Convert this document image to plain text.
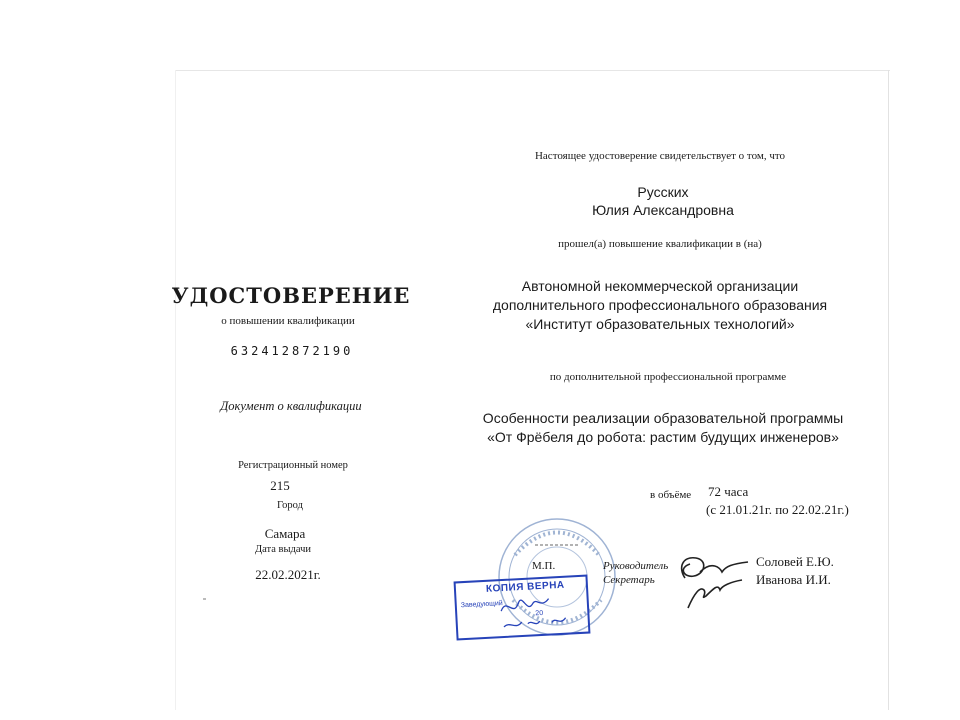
УДОСТОВЕРЕНИЕ
о повышении квалификации
632412872190
Документ о квалификации
Регистрационный номер
215
Город
Самара
Дата выдачи
22.02.2021г.
Настоящее удостоверение свидетельствует о том, что
Русских
Юлия Александровна
прошел(а) повышение квалификации в (на)
Автономной некоммерческой организации
дополнительного профессионального образования
«Институт образовательных технологий»
по дополнительной профессиональной программе
Особенности реализации образовательной программы
«От Фрёбеля до робота: растим будущих инженеров»
в объёме 72 часа
(с 21.01.21г. по 22.02.21г.)
М.П.	Руководитель
Секретарь
Соловей Е.Ю.
Иванова И.И.
КОПИЯ ВЕРНА
Заведующий
20
